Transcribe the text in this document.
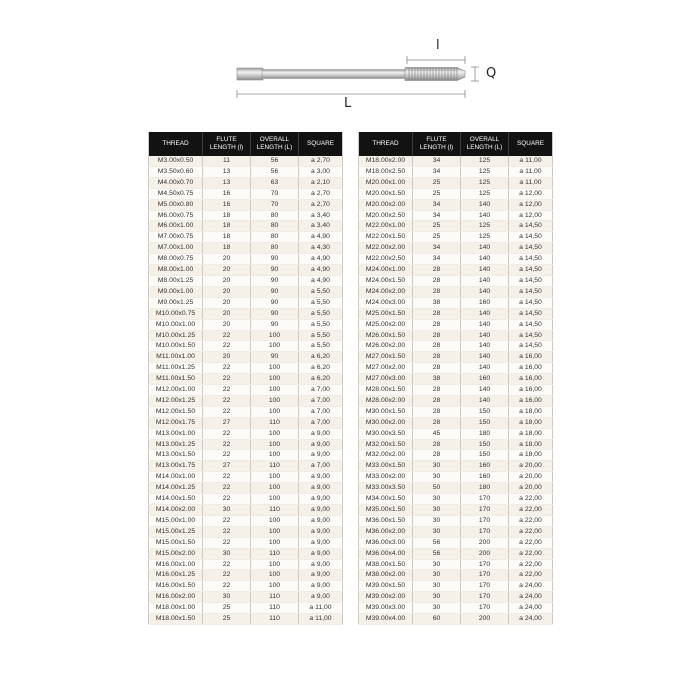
l
Q
L
THREAD	FLUTE LENGTH (l)	OVERALL LENGTH (L)	SQUARE
M3.00x0.50	11	56	a 2,70
M3.50x0.60	13	56	a 3,00
M4.00x0.70	13	63	a 2,10
M4.50x0.75	16	70	a 2,70
M5.00x0.80	16	70	a 2,70
M6.00x0.75	18	80	a 3,40
M6.00x1.00	18	80	a 3,40
M7.00x0.75	18	80	a 4,90
M7.00x1.00	18	80	a 4,30
M8.00x0.75	20	90	a 4,90
M8.00x1.00	20	90	a 4,90
M8.00x1.25	20	90	a 4,90
M9.00x1.00	20	90	a 5,50
M9.00x1.25	20	90	a 5,50
M10.00x0.75	20	90	a 5,50
M10.00x1.00	20	90	a 5,50
M10.00x1.25	22	100	a 5,50
M10.00x1.50	22	100	a 5,50
M11.00x1.00	20	90	a 6,20
M11.00x1.25	22	100	a 6,20
M11.00x1.50	22	100	a 6,20
M12.00x1.00	22	100	a 7,00
M12.00x1.25	22	100	a 7,00
M12.00x1.50	22	100	a 7,00
M12.00x1.75	27	110	a 7,00
M13.00x1.00	22	100	a 9,00
M13.00x1.25	22	100	a 9,00
M13.00x1.50	22	100	a 9,00
M13.00x1.75	27	110	a 7,00
M14.00x1.00	22	100	a 9,00
M14.00x1.25	22	100	a 9,00
M14.00x1.50	22	100	a 9,00
M14.00x2.00	30	110	a 9,00
M15.00x1.00	22	100	a 9,00
M15.00x1.25	22	100	a 9,00
M15.00x1.50	22	100	a 9,00
M15.00x2.00	30	110	a 9,00
M16.00x1.00	22	100	a 9,00
M16.00x1.25	22	100	a 9,00
M16.00x1.50	22	100	a 9,00
M16.00x2.00	30	110	a 9,00
M18.00x1.00	25	110	a 11,00
M18.00x1.50	25	110	a 11,00
THREAD	FLUTE LENGTH (l)	OVERALL LENGTH (L)	SQUARE
M18.00x2.00	34	125	a 11,00
M18.00x2.50	34	125	a 11,00
M20.00x1.00	25	125	a 11,00
M20.00x1.50	25	125	a 12,00
M20.00x2.00	34	140	a 12,00
M20.00x2.50	34	140	a 12,00
M22.00x1.00	25	125	a 14,50
M22.00x1.50	25	125	a 14,50
M22.00x2.00	34	140	a 14,50
M22.00x2.50	34	140	a 14,50
M24.00x1.00	28	140	a 14,50
M24.00x1.50	28	140	a 14,50
M24.00x2.00	28	140	a 14,50
M24.00x3.00	38	160	a 14,50
M25.00x1.50	28	140	a 14,50
M25.00x2.00	28	140	a 14,50
M26.00x1.50	28	140	a 14,50
M26.00x2.00	28	140	a 14,50
M27.00x1.50	28	140	a 16,00
M27.00x2.00	28	140	a 16,00
M27.00x3.00	38	160	a 16,00
M28.00x1.50	28	140	a 16,00
M28.00x2.00	28	140	a 16,00
M30.00x1.50	28	150	a 18,00
M30.00x2.00	28	150	a 18,00
M30.00x3.50	45	180	a 18,00
M32.00x1.50	28	150	a 18,00
M32.00x2.00	28	150	a 18,00
M33.00x1.50	30	160	a 20,00
M33.00x2.00	30	160	a 20,00
M33.00x3.50	50	180	a 20,00
M34.00x1.50	30	170	a 22,00
M35.00x1.50	30	170	a 22,00
M36.00x1.50	30	170	a 22,00
M36.00x2.00	30	170	a 22,00
M36.00x3.00	56	200	a 22,00
M36.00x4.00	56	200	a 22,00
M38.00x1.50	30	170	a 22,00
M38.00x2.00	30	170	a 22,00
M39.00x1.50	30	170	a 24,00
M39.00x2.00	30	170	a 24,00
M39.00x3.00	30	170	a 24,00
M39.00x4.00	60	200	a 24,00
